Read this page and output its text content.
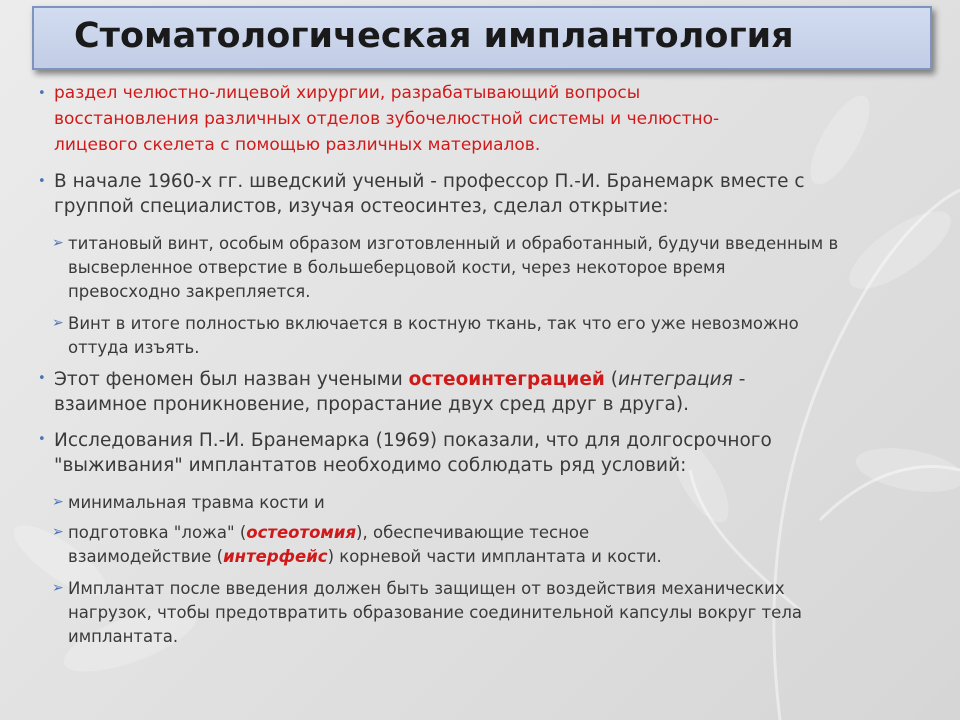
Стоматологическая имплантология
• раздел челюстно-лицевой хирургии, разрабатывающий вопросы
восстановления различных отделов зубочелюстной системы и челюстно-
лицевого скелета с помощью различных материалов.
• В начале 1960-х гг. шведский ученый - профессор П.-И. Бранемарк вместе с
группой специалистов, изучая остеосинтез, сделал открытие:
➢ титановый винт, особым образом изготовленный и обработанный, будучи введенным в
высверленное отверстие в большеберцовой кости, через некоторое время
превосходно закрепляется.
➢ Винт в итоге полностью включается в костную ткань, так что его уже невозможно
оттуда изъять.
• Этот феномен был назван учеными остеоинтеграцией (интеграция -
взаимное проникновение, прорастание двух сред друг в друга).
• Исследования П.-И. Бранемарка (1969) показали, что для долгосрочного
"выживания" имплантатов необходимо соблюдать ряд условий:
➢ минимальная травма кости и
➢ подготовка "ложа" (остеотомия), обеспечивающие тесное
взаимодействие (интерфейс) корневой части имплантата и кости.
➢ Имплантат после введения должен быть защищен от воздействия механических
нагрузок, чтобы предотвратить образование соединительной капсулы вокруг тела
имплантата.
